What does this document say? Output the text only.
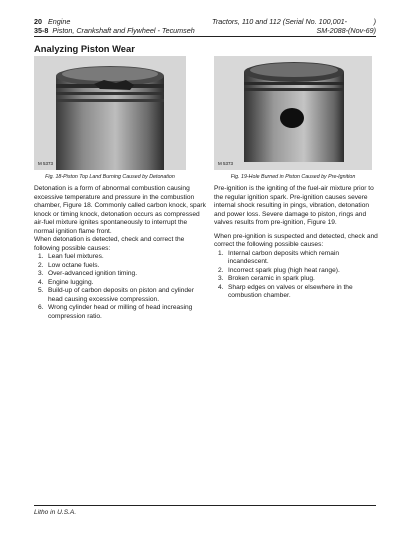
20 Engine	Tractors, 110 and 112 (Serial No. 100,001-	)
35-8 Piston, Crankshaft and Flywheel - Tecumseh	SM-2088-(Nov-69)
Analyzing Piston Wear
M 5373	M 5373
Fig. 18-Piston Top Land Burning Caused by Detonation	Fig. 19-Hole Burned in Piston Caused by Pre-Ignition

Detonation is a form of abnormal combustion causing excessive temperature and pressure in the combustion chamber, Figure 18. Commonly called carbon knock, spark knock or timing knock, detonation occurs as compressed air-fuel mixture ignites spontaneously to interrupt the normal ignition flame front.

When detonation is detected, check and correct the following possible causes:

1. Lean fuel mixtures.
2. Low octane fuels.
3. Over-advanced ignition timing.
4. Engine lugging.
5. Build-up of carbon deposits on piston and cylinder head causing excessive compression.
6. Wrong cylinder head or milling of head increasing compression ratio.

Pre-ignition is the igniting of the fuel-air mixture prior to the regular ignition spark. Pre-ignition causes severe internal shock resulting in pings, vibration, detonation and power loss. Severe damage to piston, rings and valves results from pre-ignition, Figure 19.

When pre-ignition is suspected and detected, check and correct the following possible causes:

1. Internal carbon deposits which remain incandescent.
2. Incorrect spark plug (high heat range).
3. Broken ceramic in spark plug.
4. Sharp edges on valves or elsewhere in the combustion chamber.
Litho in U.S.A.
